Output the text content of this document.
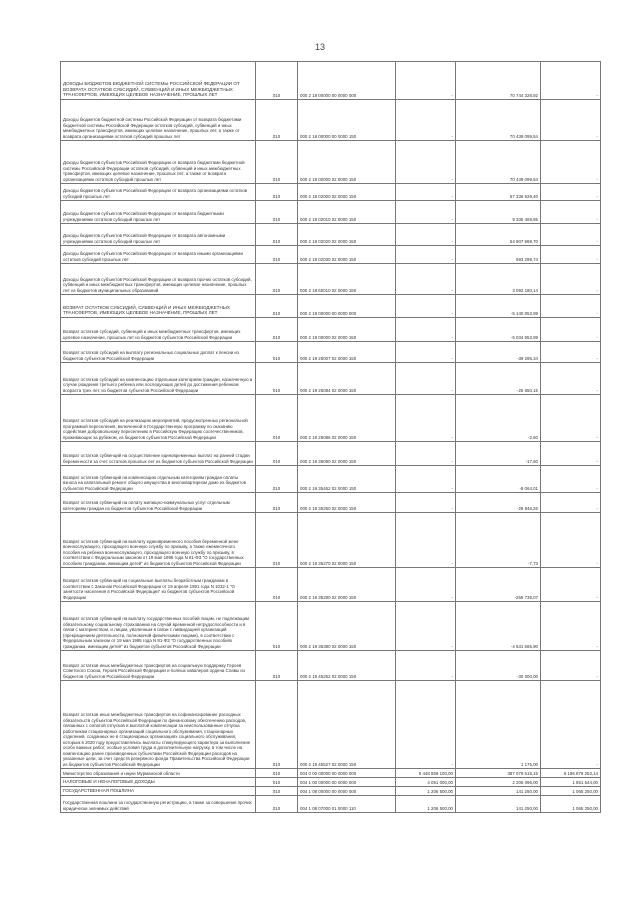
13
ДОХОДЫ БЮДЖЕТОВ БЮДЖЕТНОЙ СИСТЕМЫ РОССИЙСКОЙ ФЕДЕРАЦИИ ОТ ВОЗВРАТА ОСТАТКОВ СУБСИДИЙ, СУБВЕНЦИЙ И ИНЫХ МЕЖБЮДЖЕТНЫХ ТРАНСФЕРТОВ, ИМЕЮЩИХ ЦЕЛЕВОЕ НАЗНАЧЕНИЕ, ПРОШЛЫХ ЛЕТ	010	000 2 18 00000 00 0000 000	-	70 744 328,92	-
Доходы бюджетов бюджетной системы Российской Федерации от возврата бюджетами бюджетной системы Российской Федерации остатков субсидий, субвенций и иных межбюджетных трансфертов, имеющих целевое назначение, прошлых лет, а также от возврата организациями остатков субсидий прошлых лет	010	000 2 18 00000 00 0000 150	-	70 439 099,54	-
Доходы бюджетов субъектов Российской Федерации от возврата бюджетами бюджетной системы Российской Федерации остатков субсидий, субвенций и иных межбюджетных трансфертов, имеющих целевое назначение, прошлых лет, а также от возврата организациями остатков субсидий прошлых лет	010	000 2 18 00000 02 0000 150	-	70 439 099,54	-
Доходы бюджетов субъектов Российской Федерации от возврата организациями остатков субсидий прошлых лет	010	000 2 18 02000 02 0000 150	-	67 336 929,40	-
Доходы бюджетов субъектов Российской Федерации от возврата бюджетными учреждениями остатков субсидий прошлых лет	010	000 2 18 02010 02 0000 150	-	9 335 469,85	-
Доходы бюджетов субъектов Российской Федерации от возврата автономными учреждениями остатков субсидий прошлых лет	010	000 2 18 02020 02 0000 150	-	54 907 969,70	-
Доходы бюджетов субъектов Российской Федерации от возврата иными организациями остатков субсидий прошлых лет	010	000 2 18 02030 02 0000 150	-	593 299,74	-
Доходы бюджетов субъектов Российской Федерации от возврата прочих остатков субсидий, субвенций и иных межбюджетных трансфертов, имеющих целевое назначение, прошлых лет из бюджетов муниципальных образований	010	000 2 18 60010 02 0000 150	-	3 092 180,14	-
ВОЗВРАТ ОСТАТКОВ СУБСИДИЙ, СУБВЕНЦИЙ И ИНЫХ МЕЖБЮДЖЕТНЫХ ТРАНСФЕРТОВ, ИМЕЮЩИХ ЦЕЛЕВОЕ НАЗНАЧЕНИЕ, ПРОШЛЫХ ЛЕТ	010	000 2 19 00000 00 0000 000	-	-5 140 953,99	-
Возврат остатков субсидий, субвенций и иных межбюджетных трансфертов, имеющих целевое назначение, прошлых лет из бюджетов субъектов Российской Федерации	010	000 2 19 00000 02 0000 150	-	-5 034 953,99	-
Возврат остатков субсидий на выплату региональных социальных доплат к пенсии из бюджетов субъектов Российской Федерации	010	000 2 19 25007 02 0000 150	-	-39 295,34	-
Возврат остатков субсидий на компенсацию отдельным категориям граждан, назначенную в случае рождения третьего ребенка или последующих детей до достижения ребенком возраста трех лет, из бюджетов субъектов Российской Федерации	010	000 2 19 25084 02 0000 150	-	-25 650,15	-
Возврат остатков субсидий на реализацию мероприятий, предусмотренных региональной программой переселения, включенной в Государственную программу по оказанию содействия добровольному переселению в Российскую Федерацию соотечественников, проживающих за рубежом, из бюджетов субъектов Российской Федерации	010	000 2 19 25086 02 0000 150	-	-2,60	-
Возврат остатков субвенций на осуществление единовременных выплат на ранней стадии беременности за счет остатков прошлых лет из бюджетов субъектов Российской Федерации	010	000 2 19 35090 02 0000 150	-	-17,60	-
Возврат остатков субвенций на компенсацию отдельным категориям граждан оплаты взноса на капитальный ремонт общего имущества в многоквартирном доме из бюджетов субъектов Российской Федерации	010	000 2 19 35462 02 0000 150	-	-8 064,01	-
Возврат остатков субвенций на оплату жилищно-коммунальных услуг отдельным категориям граждан из бюджетов субъектов Российской Федерации	010	000 2 19 35250 02 0000 150	-	-29 846,26	-
Возврат остатков субвенций на выплату единовременного пособия беременной жене военнослужащего, проходящего военную службу по призыву, а также ежемесячного пособия на ребенка военнослужащего, проходящего военную службу по призыву, в соответствии с Федеральным законом от 19 мая 1995 года N 81-ФЗ "О государственных пособиях гражданам, имеющим детей" из бюджетов субъектов Российской Федерации	010	000 2 19 35270 02 0000 150	-	-7,73	-
Возврат остатков субвенций на социальные выплаты безработным гражданам в соответствии с Законом Российской Федерации от 19 апреля 1991 года N 1032-1 "О занятости населения в Российской Федерации" из бюджетов субъектов Российской Федерации	010	000 2 19 35290 02 0000 150	-	-259 739,07	-
Возврат остатков субвенций на выплату государственных пособий лицам, не подлежащим обязательному социальному страхованию на случай временной нетрудоспособности и в связи с материнством, и лицам, уволенным в связи с ликвидацией организаций (прекращением деятельности, полномочий физическими лицами), в соответствии с Федеральным законом от 19 мая 1995 года N 81-ФЗ "О государственных пособиях гражданам, имеющим детей" из бюджетов субъектов Российской Федерации	010	000 2 19 35380 02 0000 150	-	-4 631 565,90	-
Возврат остатков иных межбюджетных трансфертов на социальную поддержку Героев Советского Союза, Героев Российской Федерации и полных кавалеров ордена Славы из бюджетов субъектов Российской Федерации	010	000 2 19 45252 02 0000 150	-	-30 000,00	-
Возврат остатков иных межбюджетных трансфертов на софинансирование расходных обязательств субъектов Российской Федерации по финансовому обеспечению расходов, связанных с оплатой отпусков и выплатой компенсации за неиспользованные отпуска работникам стационарных организаций социального обслуживания, стационарных отделений, созданных не в стационарных организациях социального обслуживания, которым в 2020 году предоставлялись выплаты стимулирующего характера за выполнение особо важных работ, особые условия труда и дополнительную нагрузку, в том числе на компенсацию ранее произведенных субъектами Российской Федерации расходов на указанные цели, за счет средств резервного фонда Правительства Российской Федерации из бюджетов субъектов Российской Федерации	010	000 2 19 45527 02 0000 150	-	1 175,00	-
Министерство образования и науки Мурманской области	010	004 0 00 00000 00 0000 000	5 448 858 100,00	387 079 515,15	5 196 879 253,14
НАЛОГОВЫЕ И НЕНАЛОГОВЫЕ ДОХОДЫ	010	004 1 00 00000 00 0000 000	4 051 000,00	2 206 096,00	1 851 544,00
ГОСУДАРСТВЕННАЯ ПОШЛИНА	010	004 1 08 00000 00 0000 000	1 206 500,00	141 250,00	1 065 250,00
Государственная пошлина за государственную регистрацию, а также за совершение прочих юридически значимых действий	010	004 1 08 07000 01 0000 110	1 206 500,00	141 250,00	1 065 250,00
